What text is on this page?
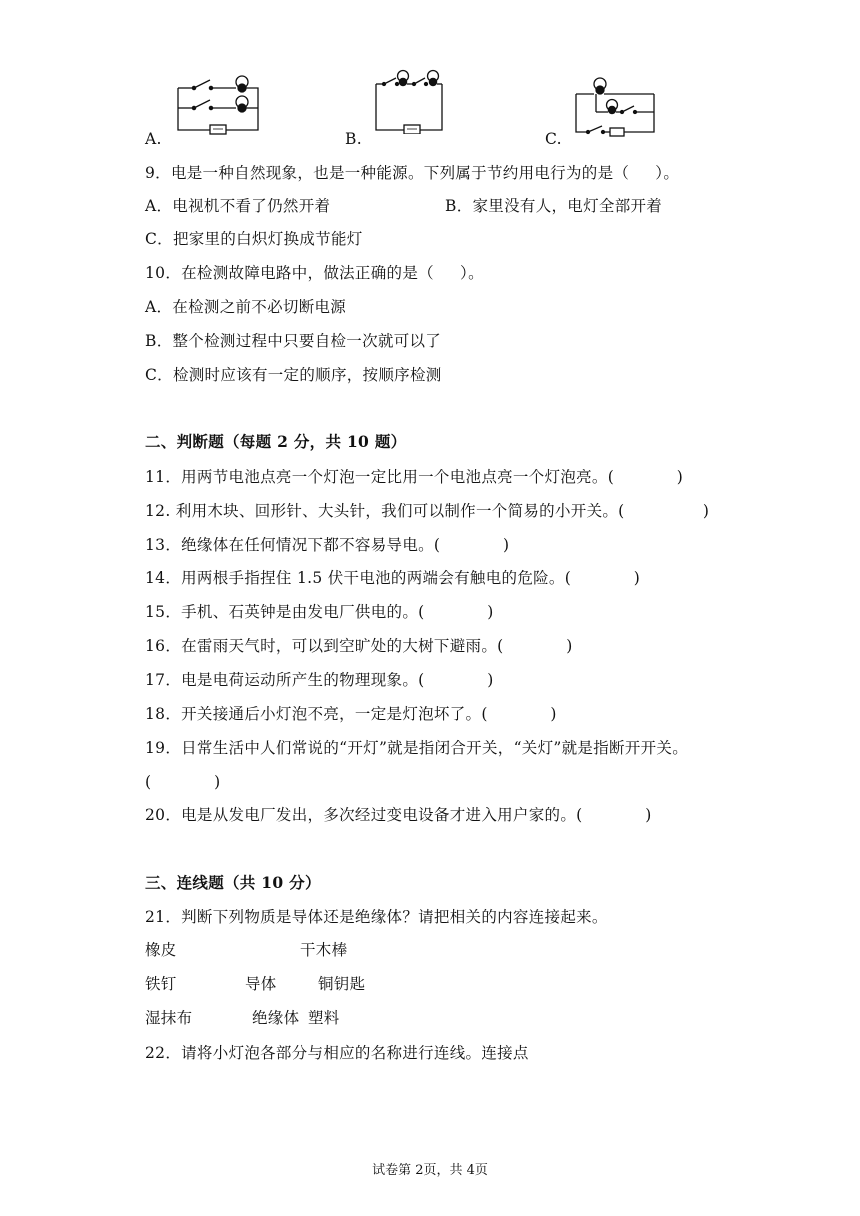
A.	B.	C.
9．电是一种自然现象，也是一种能源。下列属于节约用电行为的是（     ）。
A．电视机不看了仍然开着	B．家里没有人，电灯全部开着
C．把家里的白炽灯换成节能灯
10．在检测故障电路中，做法正确的是（     ）。
A．在检测之前不必切断电源
B．整个检测过程中只要自检一次就可以了
C．检测时应该有一定的顺序，按顺序检测
二、判断题（每题 2 分，共 10 题）
11．用两节电池点亮一个灯泡一定比用一个电池点亮一个灯泡亮。(            )
12. 利用木块、回形针、大头针，我们可以制作一个简易的小开关。(               )
13．绝缘体在任何情况下都不容易导电。(            )
14．用两根手指捏住 1.5 伏干电池的两端会有触电的危险。(            )
15．手机、石英钟是由发电厂供电的。(            )
16．在雷雨天气时，可以到空旷处的大树下避雨。(            )
17．电是电荷运动所产生的物理现象。(            )
18．开关接通后小灯泡不亮，一定是灯泡坏了。(            )
19．日常生活中人们常说的“开灯”就是指闭合开关，“关灯”就是指断开开关。
(            )
20．电是从发电厂发出，多次经过变电设备才进入用户家的。(            )
三、连线题（共 10 分）
21．判断下列物质是导体还是绝缘体？请把相关的内容连接起来。
橡皮	干木棒
铁钉	导体	铜钥匙
湿抹布	绝缘体 塑料
22．请将小灯泡各部分与相应的名称进行连线。连接点
试卷第 2页，共 4页
